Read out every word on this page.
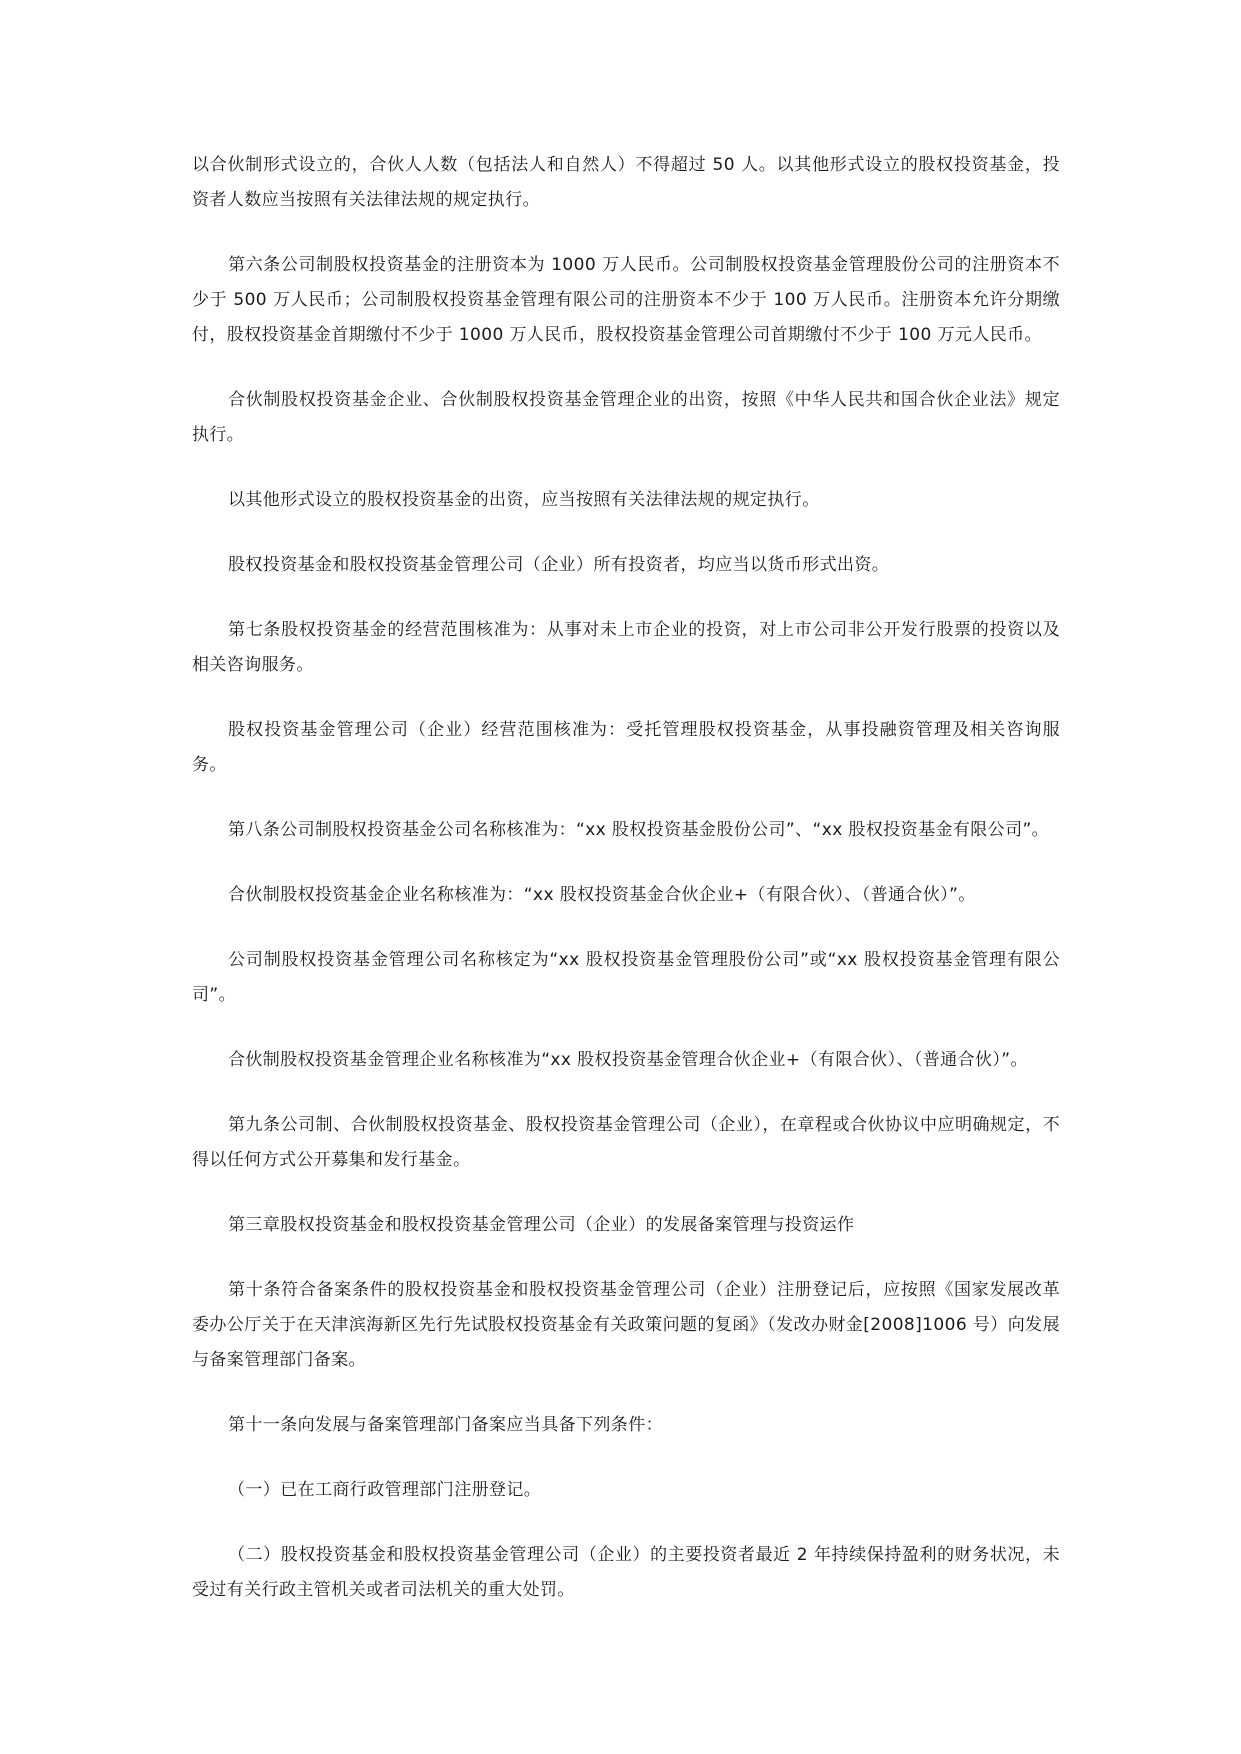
以合伙制形式设立的，合伙人人数（包括法人和自然人）不得超过 50 人。以其他形式设立的股权投资基金，投资者人数应当按照有关法律法规的规定执行。

第六条公司制股权投资基金的注册资本为 1000 万人民币。公司制股权投资基金管理股份公司的注册资本不少于 500 万人民币；公司制股权投资基金管理有限公司的注册资本不少于 100 万人民币。注册资本允许分期缴付，股权投资基金首期缴付不少于 1000 万人民币，股权投资基金管理公司首期缴付不少于 100 万元人民币。

合伙制股权投资基金企业、合伙制股权投资基金管理企业的出资，按照《中华人民共和国合伙企业法》规定执行。

以其他形式设立的股权投资基金的出资，应当按照有关法律法规的规定执行。

股权投资基金和股权投资基金管理公司（企业）所有投资者，均应当以货币形式出资。

第七条股权投资基金的经营范围核准为：从事对未上市企业的投资，对上市公司非公开发行股票的投资以及相关咨询服务。

股权投资基金管理公司（企业）经营范围核准为：受托管理股权投资基金，从事投融资管理及相关咨询服务。

第八条公司制股权投资基金公司名称核准为：“xx 股权投资基金股份公司”、“xx 股权投资基金有限公司”。

合伙制股权投资基金企业名称核准为：“xx 股权投资基金合伙企业+（有限合伙）、（普通合伙）”。

公司制股权投资基金管理公司名称核定为“xx 股权投资基金管理股份公司”或“xx 股权投资基金管理有限公司”。

合伙制股权投资基金管理企业名称核准为“xx 股权投资基金管理合伙企业+（有限合伙）、（普通合伙）”。

第九条公司制、合伙制股权投资基金、股权投资基金管理公司（企业），在章程或合伙协议中应明确规定，不得以任何方式公开募集和发行基金。

第三章股权投资基金和股权投资基金管理公司（企业）的发展备案管理与投资运作

第十条符合备案条件的股权投资基金和股权投资基金管理公司（企业）注册登记后，应按照《国家发展改革委办公厅关于在天津滨海新区先行先试股权投资基金有关政策问题的复函》（发改办财金[2008]1006 号）向发展与备案管理部门备案。

第十一条向发展与备案管理部门备案应当具备下列条件：

（一）已在工商行政管理部门注册登记。

（二）股权投资基金和股权投资基金管理公司（企业）的主要投资者最近 2 年持续保持盈利的财务状况，未受过有关行政主管机关或者司法机关的重大处罚。
